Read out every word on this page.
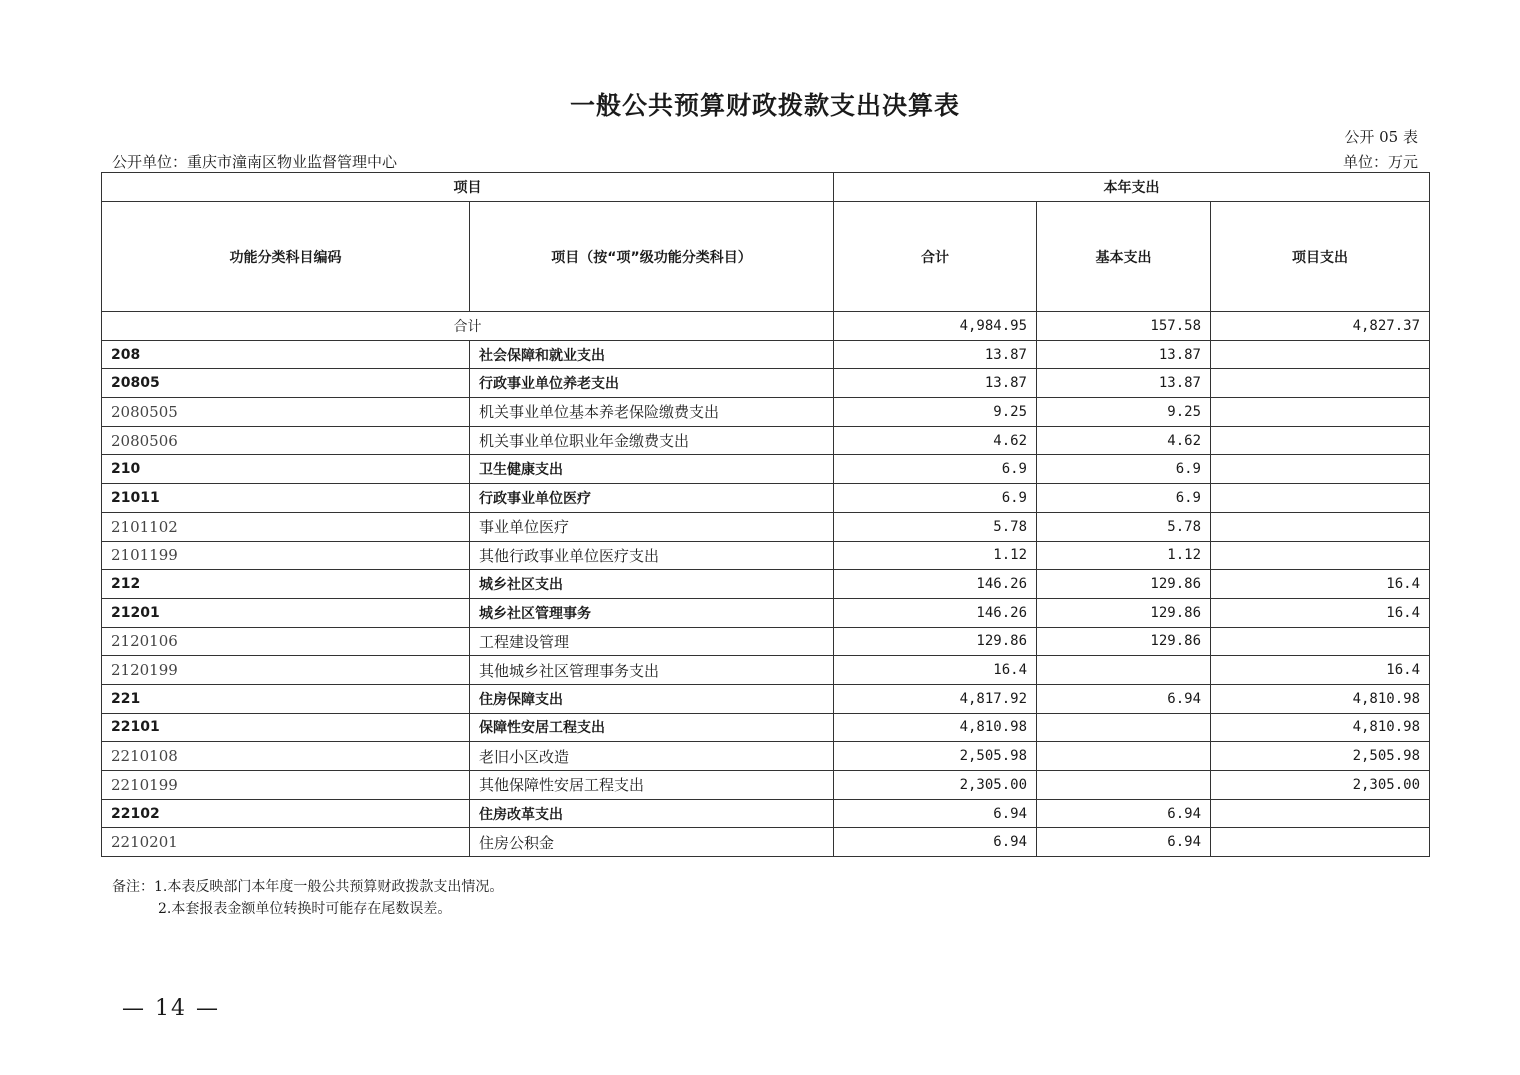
一般公共预算财政拨款支出决算表
公开 05 表
公开单位：重庆市潼南区物业监督管理中心	单位：万元
项目		本年支出		
功能分类科目编码	项目（按“项”级功能分类科目）	合计	基本支出	项目支出
合计		4,984.95	157.58	4,827.37
208	社会保障和就业支出	13.87	13.87	
20805	行政事业单位养老支出	13.87	13.87	
2080505	机关事业单位基本养老保险缴费支出	9.25	9.25	
2080506	机关事业单位职业年金缴费支出	4.62	4.62	
210	卫生健康支出	6.9	6.9	
21011	行政事业单位医疗	6.9	6.9	
2101102	事业单位医疗	5.78	5.78	
2101199	其他行政事业单位医疗支出	1.12	1.12	
212	城乡社区支出	146.26	129.86	16.4
21201	城乡社区管理事务	146.26	129.86	16.4
2120106	工程建设管理	129.86	129.86	
2120199	其他城乡社区管理事务支出	16.4		16.4
221	住房保障支出	4,817.92	6.94	4,810.98
22101	保障性安居工程支出	4,810.98		4,810.98
2210108	老旧小区改造	2,505.98		2,505.98
2210199	其他保障性安居工程支出	2,305.00		2,305.00
22102	住房改革支出	6.94	6.94	
2210201	住房公积金	6.94	6.94	
备注：1.本表反映部门本年度一般公共预算财政拨款支出情况。
2.本套报表金额单位转换时可能存在尾数误差。
— 14 —
